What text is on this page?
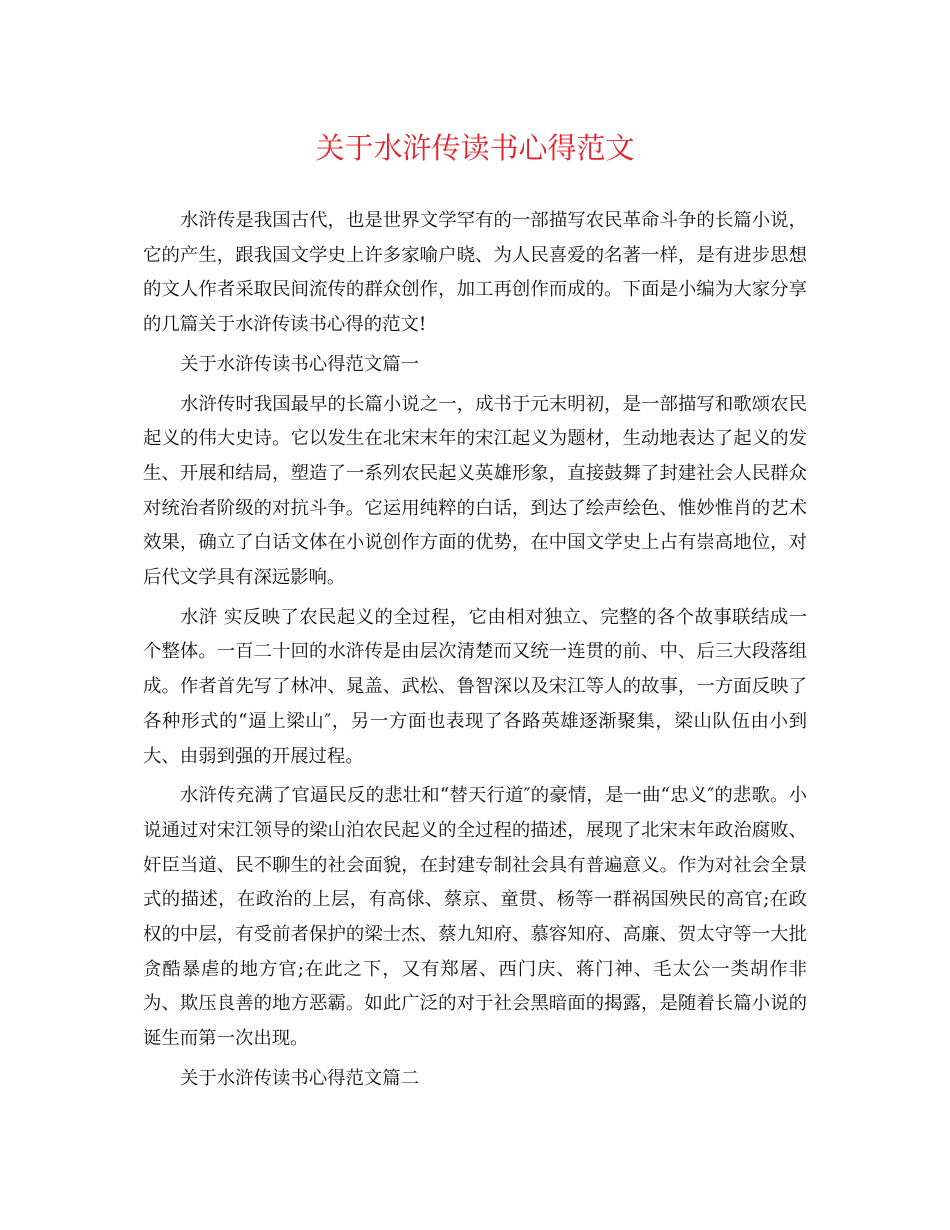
关于水浒传读书心得范文

水浒传是我国古代，也是世界文学罕有的一部描写农民革命斗争的长篇小说，它的产生，跟我国文学史上许多家喻户晓、为人民喜爱的名著一样，是有进步思想的文人作者采取民间流传的群众创作，加工再创作而成的。下面是小编为大家分享的几篇关于水浒传读书心得的范文!

关于水浒传读书心得范文篇一

水浒传时我国最早的长篇小说之一，成书于元末明初，是一部描写和歌颂农民起义的伟大史诗。它以发生在北宋末年的宋江起义为题材，生动地表达了起义的发生、开展和结局，塑造了一系列农民起义英雄形象，直接鼓舞了封建社会人民群众对统治者阶级的对抗斗争。它运用纯粹的白话，到达了绘声绘色、惟妙惟肖的艺术效果，确立了白话文体在小说创作方面的优势，在中国文学史上占有崇高地位，对后代文学具有深远影响。

水浒 实反映了农民起义的全过程，它由相对独立、完整的各个故事联结成一个整体。一百二十回的水浒传是由层次清楚而又统一连贯的前、中、后三大段落组成。作者首先写了林冲、晁盖、武松、鲁智深以及宋江等人的故事，一方面反映了各种形式的“逼上梁山″，另一方面也表现了各路英雄逐渐聚集，梁山队伍由小到大、由弱到强的开展过程。

水浒传充满了官逼民反的悲壮和“替天行道″的豪情，是一曲“忠义″的悲歌。小说通过对宋江领导的梁山泊农民起义的全过程的描述，展现了北宋末年政治腐败、奸臣当道、民不聊生的社会面貌，在封建专制社会具有普遍意义。作为对社会全景式的描述，在政治的上层，有高俅、蔡京、童贯、杨等一群祸国殃民的高官;在政权的中层，有受前者保护的梁士杰、蔡九知府、慕容知府、高廉、贺太守等一大批贪酷暴虐的地方官;在此之下，又有郑屠、西门庆、蒋门神、毛太公一类胡作非为、欺压良善的地方恶霸。如此广泛的对于社会黑暗面的揭露，是随着长篇小说的诞生而第一次出现。

关于水浒传读书心得范文篇二
